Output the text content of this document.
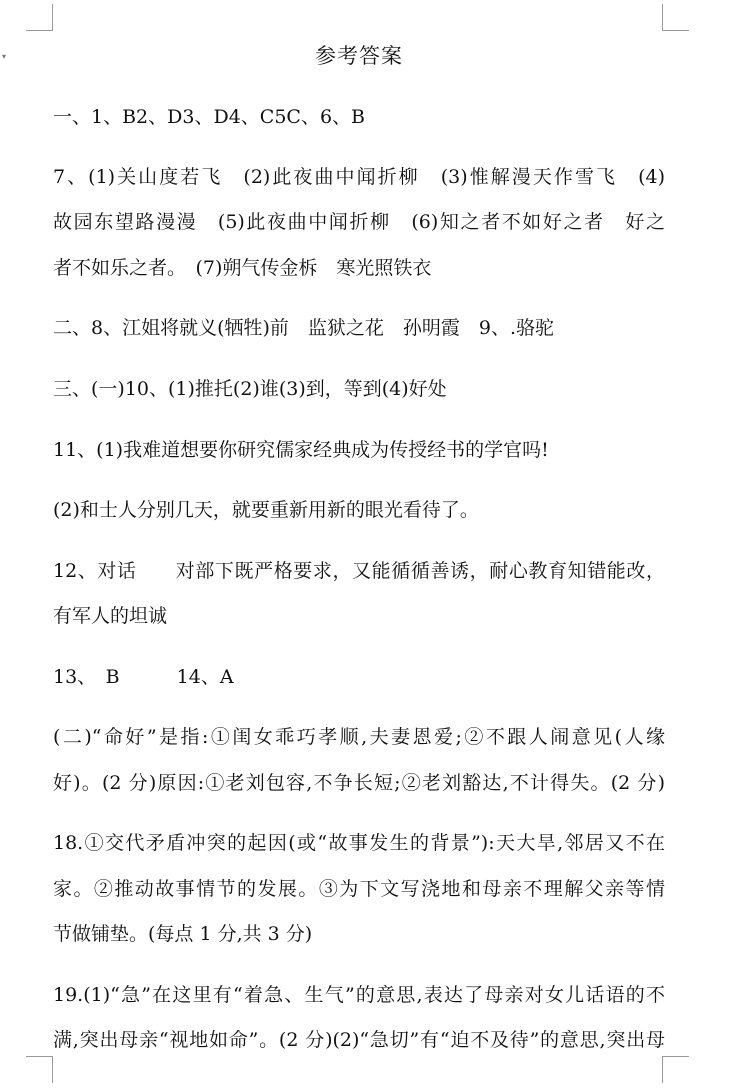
▾	参考答案
一、1、B2、D3、D4、C5C、6、B
7、(1)关山度若飞　(2)此夜曲中闻折柳　(3)惟解漫天作雪飞　(4)
故园东望路漫漫　(5)此夜曲中闻折柳　(6)知之者不如好之者　好之
者不如乐之者。　(7)朔气传金柝　寒光照铁衣
二、8、江姐将就义(牺牲)前　监狱之花　孙明霞　9、.骆驼
三、(一)10、(1)推托(2)谁(3)到，等到(4)好处
11、(1)我难道想要你研究儒家经典成为传授经书的学官吗!
(2)和士人分别几天，就要重新用新的眼光看待了。
12、对话　　对部下既严格要求，又能循循善诱，耐心教育知错能改，
有军人的坦诚
13、　B　　　14、A
(二)“命好”是指:①闺女乖巧孝顺,夫妻恩爱;②不跟人闹意见(人缘
好)。(2 分)原因:①老刘包容,不争长短;②老刘豁达,不计得失。(2 分)
18.①交代矛盾冲突的起因(或“故事发生的背景”):天大旱,邻居又不在
家。②推动故事情节的发展。③为下文写浇地和母亲不理解父亲等情
节做铺垫。(每点 1 分,共 3 分)
19.(1)“急”在这里有“着急、生气”的意思,表达了母亲对女儿话语的不
满,突出母亲“视地如命”。(2 分)(2)“急切”有“迫不及待”的意思,突出母
